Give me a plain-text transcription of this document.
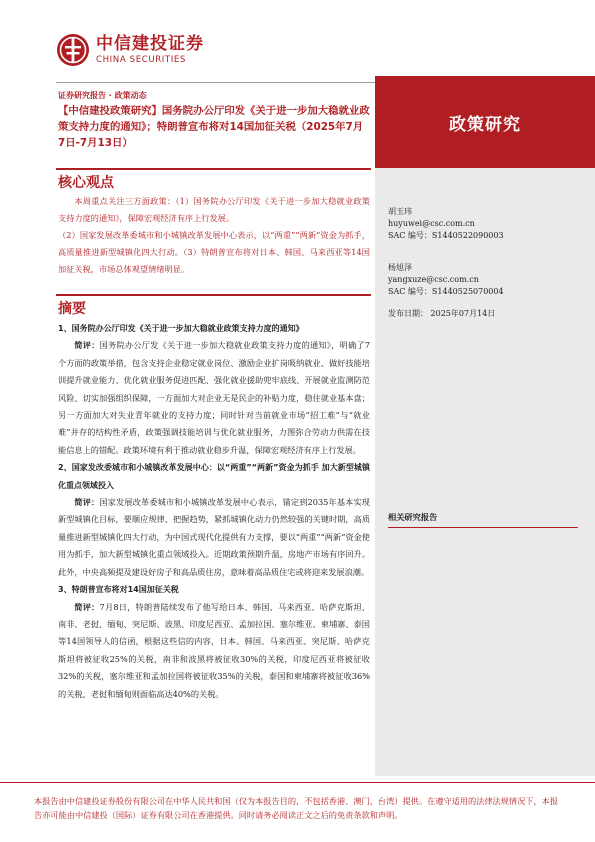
中信建投证券
CHINA SECURITIES
政策研究
证券研究报告 · 政策动态
【中信建投政策研究】国务院办公厅印发《关于进一步加大稳就业政策支持力度的通知》；特朗普宣布将对14国加征关税（2025年7月7日-7月13日）
核心观点

本周重点关注三方面政策：（1）国务院办公厅印发《关于进一步加大稳就业政策支持力度的通知》，保障宏观经济有序上行发展。

（2）国家发展改革委城市和小城镇改革发展中心表示，以“两重”“两新”资金为抓手，高质量推进新型城镇化四大行动。（3）特朗普宣布将对日本、韩国、马来西亚等14国加征关税，市场总体观望情绪明显。

摘要

1、国务院办公厅印发《关于进一步加大稳就业政策支持力度的通知》

简评：国务院办公厅发《关于进一步加大稳就业政策支持力度的通知》，明确了7个方面的政策举措，包含支持企业稳定就业岗位、激励企业扩岗吸纳就业、做好技能培训提升就业能力、优化就业服务促进匹配、强化就业援助兜牢底线、开展就业监测防范风险、切实加强组织保障，一方面加大对企业无是民企的补贴力度，稳住就业基本盘；另一方面加大对失业青年就业的支持力度；同时针对当前就业市场“招工难”与“就业难”并存的结构性矛盾，政策强调技能培训与优化就业服务，力图弥合劳动力供需在技能信息上的错配。政策环境有利于推动就业稳步升温，保障宏观经济有序上行发展。

2、国家发改委城市和小城镇改革发展中心：以“两重”“两新”资金为抓手 加大新型城镇化重点领域投入

简评：国家发展改革委城市和小城镇改革发展中心表示，锚定到2035年基本实现新型城镇化目标，要顺应规律、把握趋势，紧抓城镇化动力仍然较强的关键时期，高质量推进新型城镇化四大行动，为中国式现代化提供有力支撑，要以“两重”“两新”资金使用为抓手，加大新型城镇化重点领域投入。近期政策预期升温，房地产市场有序回升。此外，中央高频提及建设好房子和高品质住房，意味着高品质住宅或将迎来发展浪潮。

3、特朗普宣布将对14国加征关税

简评：7月8日，特朗普陆续发布了他写给日本、韩国、马来西亚、哈萨克斯坦、南非、老挝、缅甸、突尼斯、波黑、印度尼西亚、孟加拉国、塞尔维亚、柬埔寨、泰国等14国领导人的信函，根据这些信的内容，日本、韩国、马来西亚、突尼斯、哈萨克斯坦将被征收25%的关税，南非和波黑将被征收30%的关税，印度尼西亚将被征收32%的关税，塞尔维亚和孟加拉国将被征收35%的关税，泰国和柬埔寨将被征收36%的关税，老挝和缅甸则面临高达40%的关税。

胡玉玮
huyuwei@csc.com.cn
SAC 编号：S1440522090003
杨旭泽
yangxuze@csc.com.cn
SAC 编号：S1440525070004
发布日期： 2025年07月14日
相关研究报告
本报告由中信建投证券股份有限公司在中华人民共和国（仅为本报告目的，不包括香港、澳门、台湾）提供。在遵守适用的法律法规情况下，本报告亦可能由中信建投（国际）证券有限公司在香港提供。同时请务必阅读正文之后的免责条款和声明。
